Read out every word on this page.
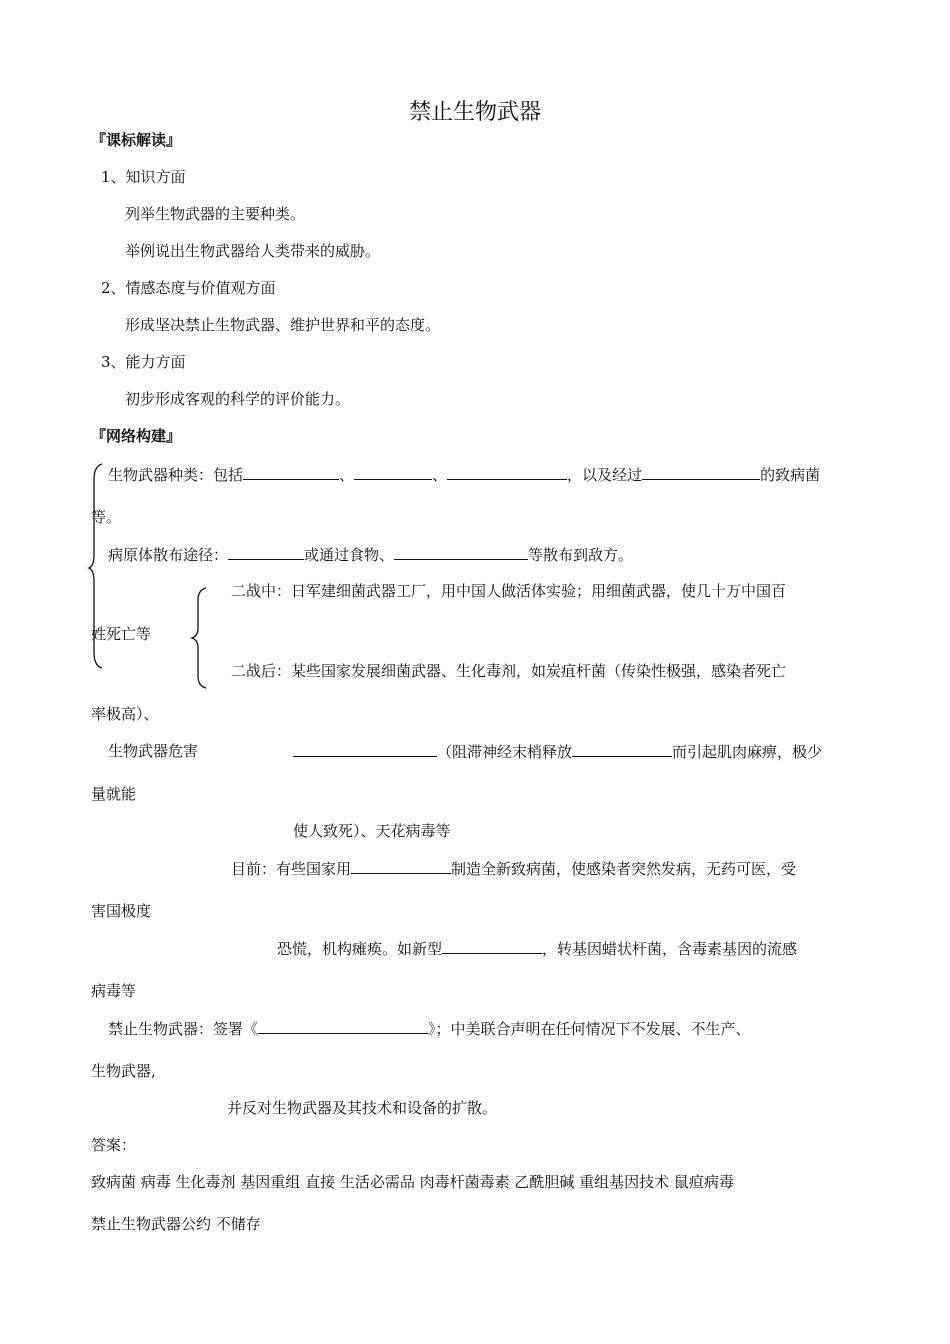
禁止生物武器
『课标解读』
1、知识方面
列举生物武器的主要种类。
举例说出生物武器给人类带来的威胁。
2、情感态度与价值观方面
形成坚决禁止生物武器、维护世界和平的态度。
3、能力方面
初步形成客观的科学的评价能力。
『网络构建』
生物武器种类：包括	、	、	，以及经过	的致病菌
等。
病原体散布途径：	或通过食物、	等散布到敌方。
二战中：日军建细菌武器工厂，用中国人做活体实验；用细菌武器，使几十万中国百
姓死亡等
二战后：某些国家发展细菌武器、生化毒剂，如炭疽杆菌（传染性极强，感染者死亡
率极高）、
生物武器危害	（阻滞神经末梢释放	而引起肌肉麻痹，极少
量就能
使人致死）、天花病毒等
目前：有些国家用	制造全新致病菌，使感染者突然发病，无药可医，受
害国极度
恐慌，机构瘫痪。如新型	，转基因蜡状杆菌，含毒素基因的流感
病毒等
禁止生物武器：签署《	》；中美联合声明在任何情况下不发展、不生产、
生物武器,
并反对生物武器及其技术和设备的扩散。
答案：
致病菌 病毒 生化毒剂 基因重组 直接 生活必需品 肉毒杆菌毒素 乙酰胆碱 重组基因技术 鼠疸病毒
禁止生物武器公约 不储存
